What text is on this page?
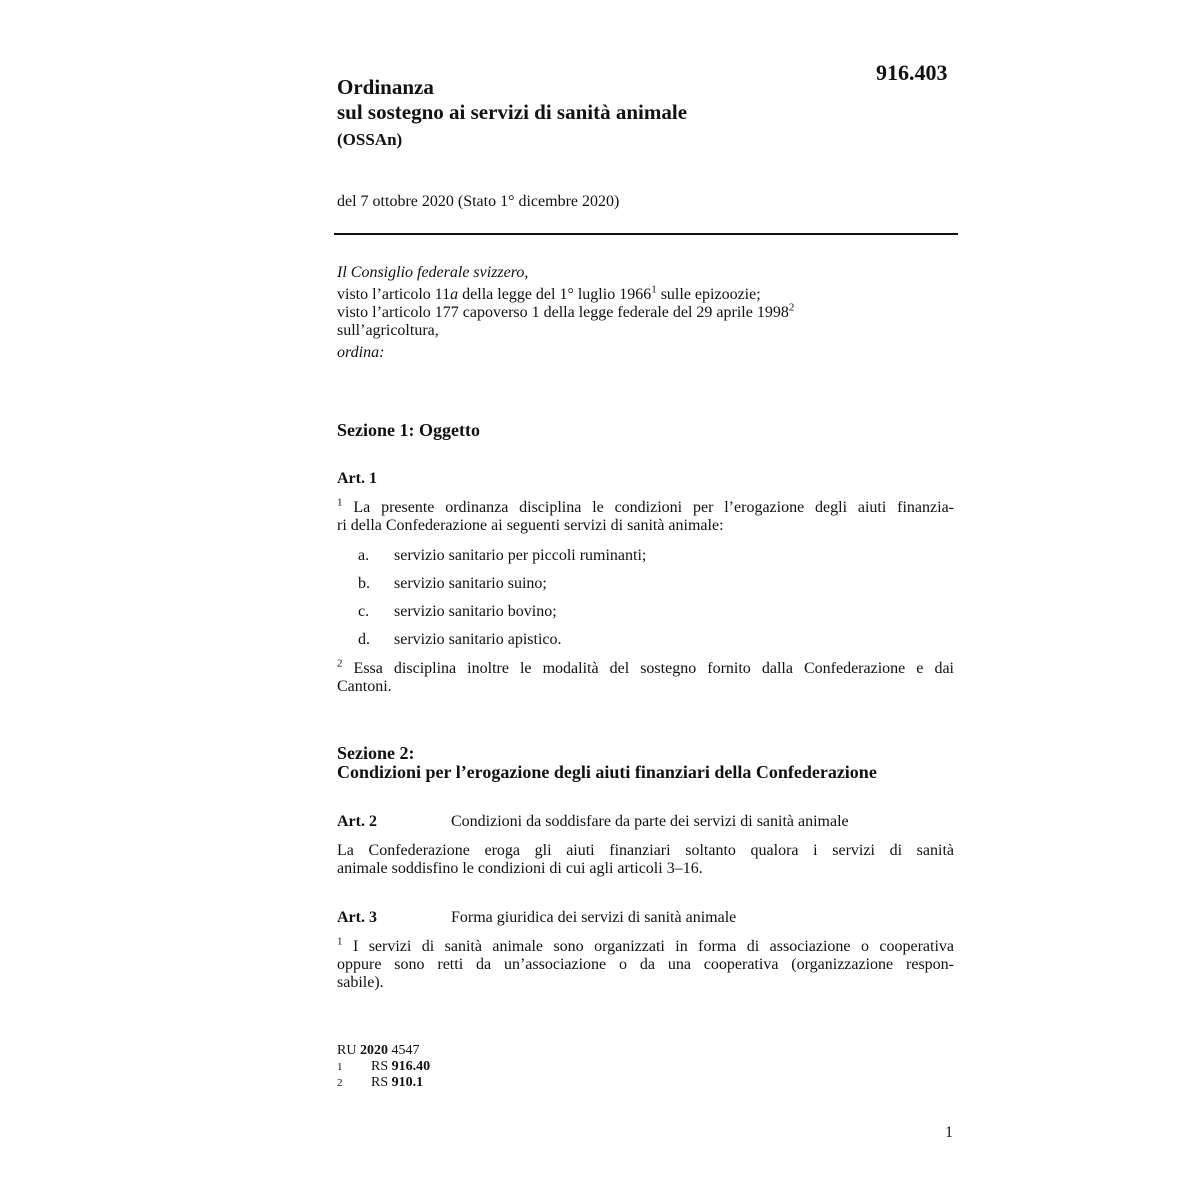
916.403
Ordinanza
sul sostegno ai servizi di sanità animale
(OSSAn)
del 7 ottobre 2020 (Stato 1° dicembre 2020)
Il Consiglio federale svizzero,
visto l’articolo 11a della legge del 1° luglio 1966$^1$ sulle epizoozie;
visto l’articolo 177 capoverso 1 della legge federale del 29 aprile 1998$^2$
sull’agricoltura,
ordina:
Sezione 1: Oggetto
Art. 1
$^1$ La presente ordinanza disciplina le condizioni per l’erogazione degli aiuti finanzia-
ri della Confederazione ai seguenti servizi di sanità animale:
a. servizio sanitario per piccoli ruminanti;
b. servizio sanitario suino;
c. servizio sanitario bovino;
d. servizio sanitario apistico.
$^2$ Essa disciplina inoltre le modalità del sostegno fornito dalla Confederazione e dai
Cantoni.
Sezione 2:
Condizioni per l’erogazione degli aiuti finanziari della Confederazione
Art. 2	Condizioni da soddisfare da parte dei servizi di sanità animale
La Confederazione eroga gli aiuti finanziari soltanto qualora i servizi di sanità
animale soddisfino le condizioni di cui agli articoli 3–16.
Art. 3	Forma giuridica dei servizi di sanità animale
$^1$ I servizi di sanità animale sono organizzati in forma di associazione o cooperativa
oppure sono retti da un’associazione o da una cooperativa (organizzazione respon-
sabile).
RU 2020 4547
1	RS 916.40
2	RS 910.1
1
